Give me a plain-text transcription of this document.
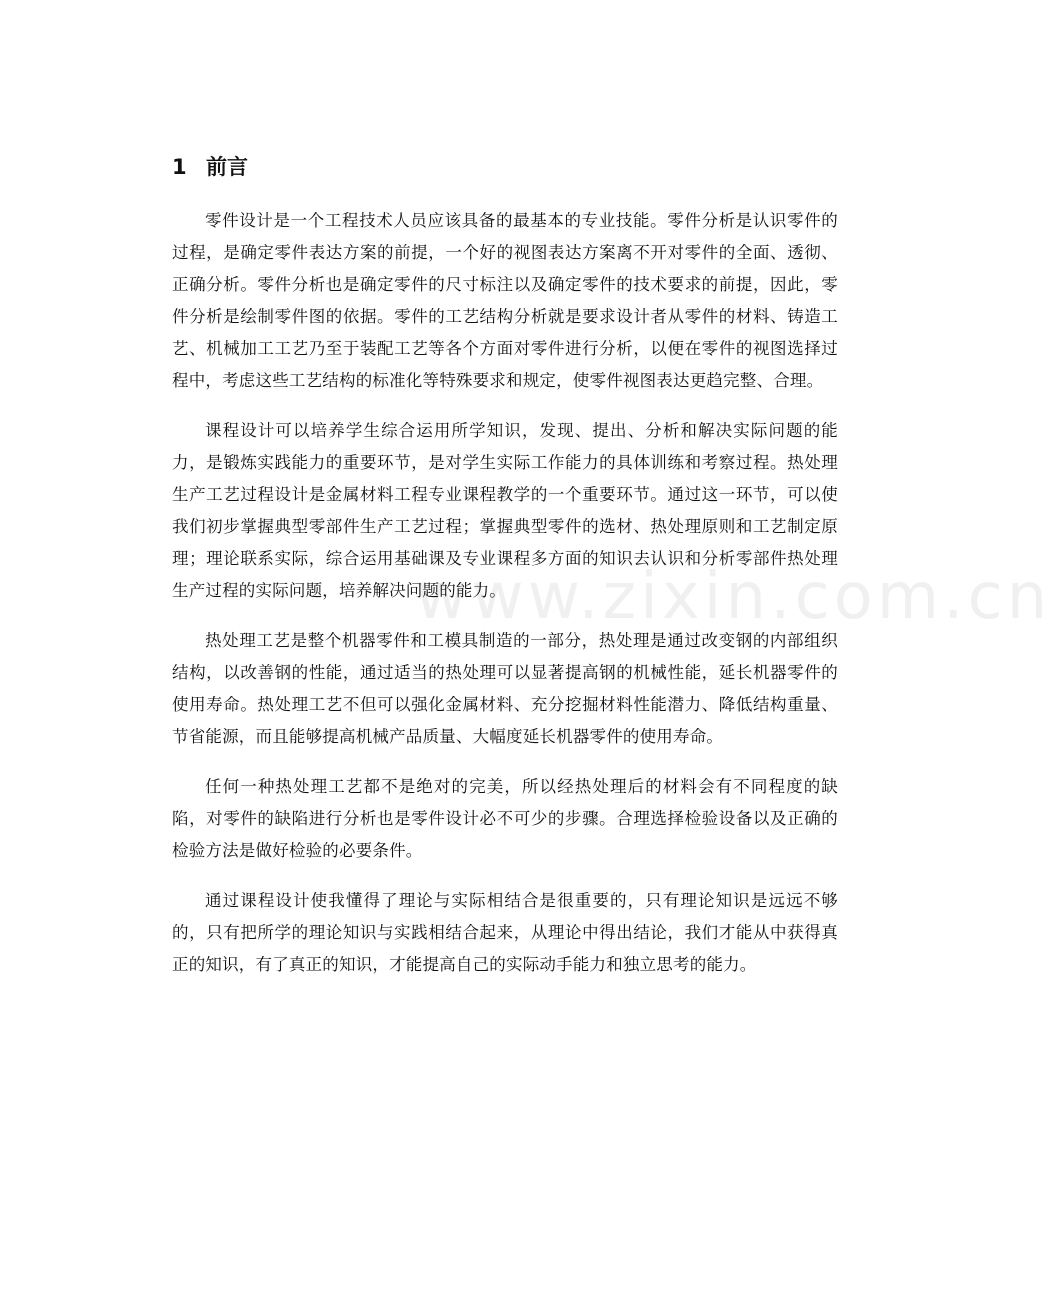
1 前言

零件设计是一个工程技术人员应该具备的最基本的专业技能。零件分析是认识零件的过程，是确定零件表达方案的前提，一个好的视图表达方案离不开对零件的全面、透彻、正确分析。零件分析也是确定零件的尺寸标注以及确定零件的技术要求的前提，因此，零件分析是绘制零件图的依据。零件的工艺结构分析就是要求设计者从零件的材料、铸造工艺、机械加工工艺乃至于装配工艺等各个方面对零件进行分析，以便在零件的视图选择过程中，考虑这些工艺结构的标准化等特殊要求和规定，使零件视图表达更趋完整、合理。

课程设计可以培养学生综合运用所学知识，发现、提出、分析和解决实际问题的能力，是锻炼实践能力的重要环节，是对学生实际工作能力的具体训练和考察过程。热处理生产工艺过程设计是金属材料工程专业课程教学的一个重要环节。通过这一环节，可以使我们初步掌握典型零部件生产工艺过程；掌握典型零件的选材、热处理原则和工艺制定原理；理论联系实际，综合运用基础课及专业课程多方面的知识去认识和分析零部件热处理生产过程的实际问题，培养解决问题的能力。

热处理工艺是整个机器零件和工模具制造的一部分，热处理是通过改变钢的内部组织结构，以改善钢的性能，通过适当的热处理可以显著提高钢的机械性能，延长机器零件的使用寿命。热处理工艺不但可以强化金属材料、充分挖掘材料性能潜力、降低结构重量、节省能源，而且能够提高机械产品质量、大幅度延长机器零件的使用寿命。

任何一种热处理工艺都不是绝对的完美，所以经热处理后的材料会有不同程度的缺陷，对零件的缺陷进行分析也是零件设计必不可少的步骤。合理选择检验设备以及正确的检验方法是做好检验的必要条件。

通过课程设计使我懂得了理论与实际相结合是很重要的，只有理论知识是远远不够的，只有把所学的理论知识与实践相结合起来，从理论中得出结论，我们才能从中获得真正的知识，有了真正的知识，才能提高自己的实际动手能力和独立思考的能力。

www.zixin.com.cn
